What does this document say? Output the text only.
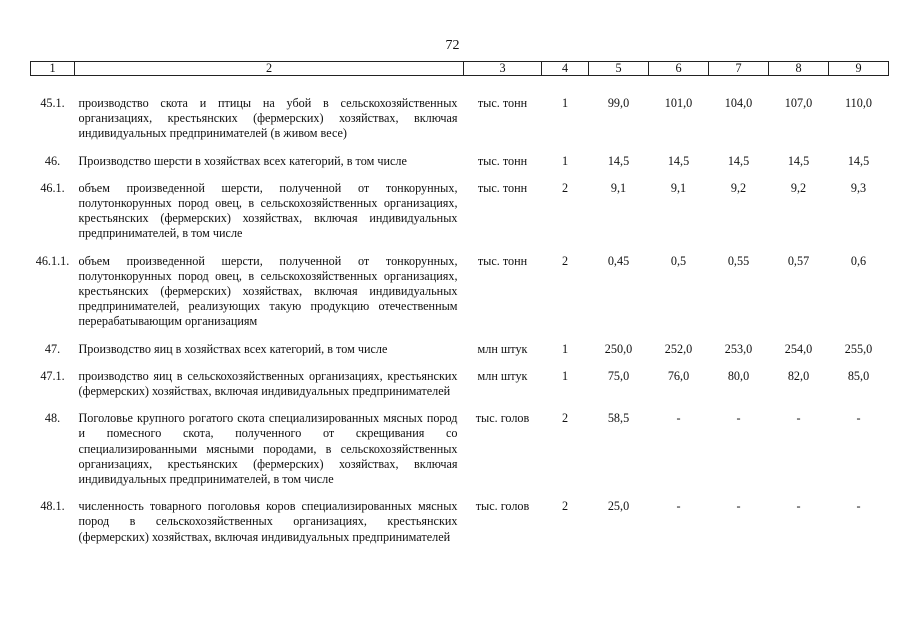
72
1	2	3	4	5	6	7	8	9

45.1.	производство скота и птицы на убой в сельскохозяйственных организациях, крестьянских (фермерских) хозяйствах, включая индивидуальных предпринимателей (в живом весе)	тыс. тонн	1	99,0	101,0	104,0	107,0	110,0

46.	Производство шерсти в хозяйствах всех категорий, в том числе	тыс. тонн	1	14,5	14,5	14,5	14,5	14,5

46.1.	объем произведенной шерсти, полученной от тонкорунных, полутонкорунных пород овец, в сельскохозяйственных организациях, крестьянских (фермерских) хозяйствах, включая индивидуальных предпринимателей, в том числе	тыс. тонн	2	9,1	9,1	9,2	9,2	9,3

46.1.1.	объем произведенной шерсти, полученной от тонкорунных, полутонкорунных пород овец, в сельскохозяйственных организациях, крестьянских (фермерских) хозяйствах, включая индивидуальных предпринимателей, реализующих такую продукцию отечественным перерабатывающим организациям	тыс. тонн	2	0,45	0,5	0,55	0,57	0,6

47.	Производство яиц в хозяйствах всех категорий, в том числе	млн штук	1	250,0	252,0	253,0	254,0	255,0

47.1.	производство яиц в сельскохозяйственных организациях, крестьянских (фермерских) хозяйствах, включая индивидуальных предпринимателей	млн штук	1	75,0	76,0	80,0	82,0	85,0

48.	Поголовье крупного рогатого скота специализированных мясных пород и помесного скота, полученного от скрещивания со специализированными мясными породами, в сельскохозяйственных организациях, крестьянских (фермерских) хозяйствах, включая индивидуальных предпринимателей, в том числе	тыс. голов	2	58,5	-	-	-	-

48.1.	численность товарного поголовья коров специализированных мясных пород в сельскохозяйственных организациях, крестьянских (фермерских) хозяйствах, включая индивидуальных предпринимателей	тыс. голов	2	25,0	-	-	-	-
